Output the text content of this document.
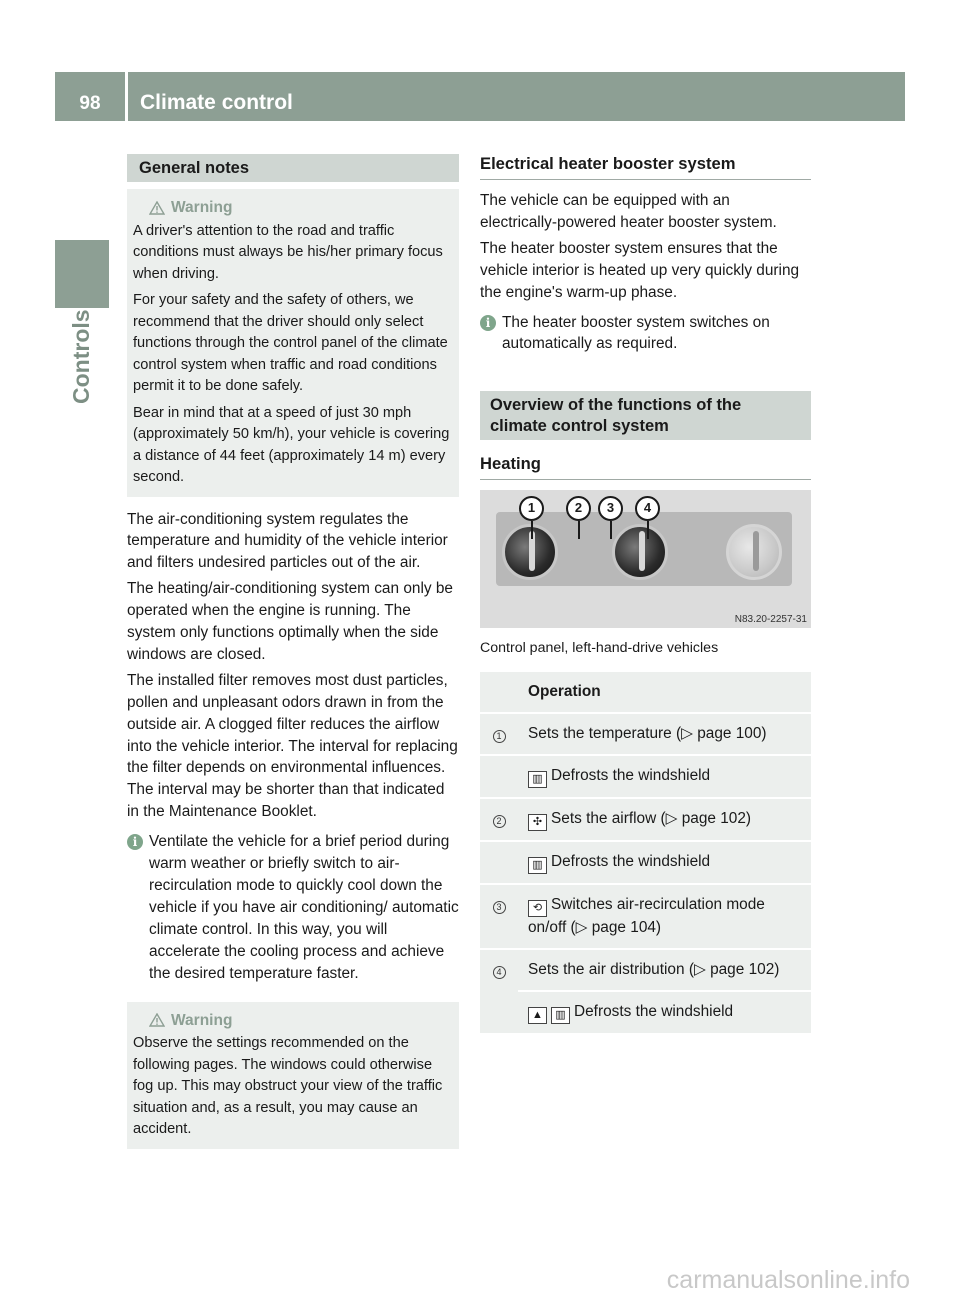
98	Climate control
Controls
General notes
Warning

A driver's attention to the road and traffic conditions must always be his/her primary focus when driving.

For your safety and the safety of others, we recommend that the driver should only select functions through the control panel of the climate control system when traffic and road conditions permit it to be done safely.

Bear in mind that at a speed of just 30 mph (approximately 50 km/h), your vehicle is covering a distance of 44 feet (approximately 14 m) every second.

The air-conditioning system regulates the temperature and humidity of the vehicle interior and filters undesired particles out of the air.

The heating/air-conditioning system can only be operated when the engine is running. The system only functions optimally when the side windows are closed.

The installed filter removes most dust particles, pollen and unpleasant odors drawn in from the outside air. A clogged filter reduces the airflow into the vehicle interior. The interval for replacing the filter depends on environmental influences. The interval may be shorter than that indicated in the Maintenance Booklet.

i Ventilate the vehicle for a brief period during warm weather or briefly switch to air-recirculation mode to quickly cool down the vehicle if you have air conditioning/ automatic climate control. In this way, you will accelerate the cooling process and achieve the desired temperature faster.
Warning

Observe the settings recommended on the following pages. The windows could otherwise fog up. This may obstruct your view of the traffic situation and, as a result, you may cause an accident.

Electrical heater booster system

The vehicle can be equipped with an electrically-powered heater booster system.

The heater booster system ensures that the vehicle interior is heated up very quickly during the engine's warm-up phase.

i The heater booster system switches on automatically as required.
Overview of the functions of the climate control system
Heating
1	2	3	4
N83.20-2257-31
Control panel, left-hand-drive vehicles
	Operation
1	Sets the temperature (▷ page 100)
	▥ Defrosts the windshield
2	✣ Sets the airflow (▷ page 102)
	▥ Defrosts the windshield
3	⟲ Switches air-recirculation mode on/off (▷ page 104)
4	Sets the air distribution (▷ page 102)
	▲ ▥ Defrosts the windshield
carmanualsonline.info
